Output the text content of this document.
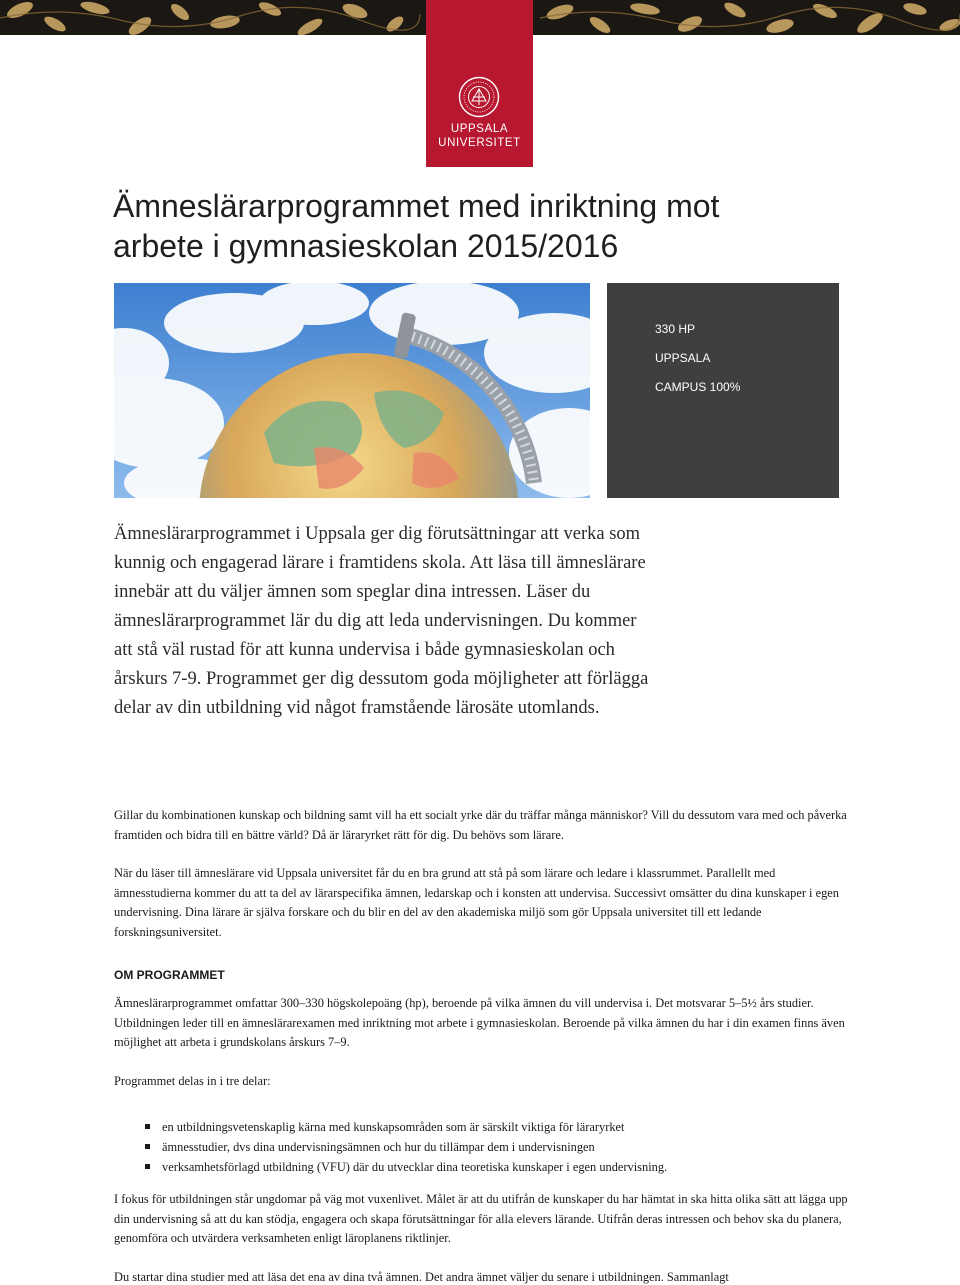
UPPSALA
UNIVERSITET
Ämneslärarprogrammet med inriktning mot
arbete i gymnasieskolan 2015/2016
330 HP
UPPSALA
CAMPUS 100%

Ämneslärarprogrammet i Uppsala ger dig förutsättningar att verka som kunnig och engagerad lärare i framtidens skola. Att läsa till ämneslärare innebär att du väljer ämnen som speglar dina intressen. Läser du ämneslärarprogrammet lär du dig att leda undervisningen. Du kommer att stå väl rustad för att kunna undervisa i både gymnasieskolan och årskurs 7-9. Programmet ger dig dessutom goda möjligheter att förlägga delar av din utbildning vid något framstående lärosäte utomlands.

Gillar du kombinationen kunskap och bildning samt vill ha ett socialt yrke där du träffar många människor? Vill du dessutom vara med och påverka framtiden och bidra till en bättre värld? Då är läraryrket rätt för dig. Du behövs som lärare.

När du läser till ämneslärare vid Uppsala universitet får du en bra grund att stå på som lärare och ledare i klassrummet. Parallellt med ämnesstudierna kommer du att ta del av lärarspecifika ämnen, ledarskap och i konsten att undervisa. Successivt omsätter du dina kunskaper i egen undervisning. Dina lärare är själva forskare och du blir en del av den akademiska miljö som gör Uppsala universitet till ett ledande forskningsuniversitet.

OM PROGRAMMET

Ämneslärarprogrammet omfattar 300–330 högskolepoäng (hp), beroende på vilka ämnen du vill undervisa i. Det motsvarar 5–5½ års studier. Utbildningen leder till en ämneslärarexamen med inriktning mot arbete i gymnasieskolan. Beroende på vilka ämnen du har i din examen finns även möjlighet att arbeta i grundskolans årskurs 7–9.

Programmet delas in i tre delar:

en utbildningsvetenskaplig kärna med kunskapsområden som är särskilt viktiga för läraryrket
ämnesstudier, dvs dina undervisningsämnen och hur du tillämpar dem i undervisningen
verksamhetsförlagd utbildning (VFU) där du utvecklar dina teoretiska kunskaper i egen undervisning.

I fokus för utbildningen står ungdomar på väg mot vuxenlivet. Målet är att du utifrån de kunskaper du har hämtat in ska hitta olika sätt att lägga upp din undervisning så att du kan stödja, engagera och skapa förutsättningar för alla elevers lärande. Utifrån deras intressen och behov ska du planera, genomföra och utvärdera verksamheten enligt läroplanens riktlinjer.

Du startar dina studier med att läsa det ena av dina två ämnen. Det andra ämnet väljer du senare i utbildningen. Sammanlagt
